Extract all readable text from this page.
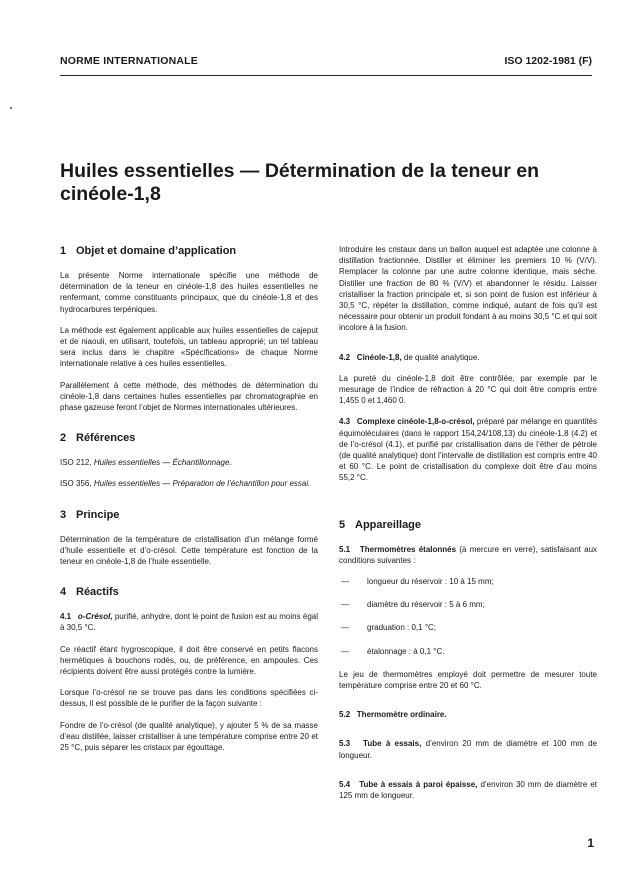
NORME INTERNATIONALE	ISO 1202-1981 (F)
Huiles essentielles — Détermination de la teneur en
cinéole-1,8
1 Objet et domaine d’application

La présente Norme internationale spécifie une méthode de détermination de la teneur en cinéole-1,8 des huiles essentielles ne renfermant, comme constituants principaux, que du cinéole-1,8 et des hydrocarbures terpéniques.

La méthode est également applicable aux huiles essentielles de cajeput et de niaouli, en utilisant, toutefois, un tableau approprié; un tel tableau sera inclus dans le chapitre «Spécifications» de chaque Norme internationale relative à ces huiles essentielles.

Parallèlement à cette méthode, des méthodes de détermination du cinéole-1,8 dans certaines huiles essentielles par chromatographie en phase gazeuse feront l’objet de Normes internationales ultérieures.

2 Références

ISO 212, Huiles essentielles — Échantillonnage.

ISO 356, Huiles essentielles — Préparation de l’échantillon pour essai.

3 Principe

Détermination de la température de cristallisation d’un mélange formé d’huile essentielle et d’o-crésol. Cette température est fonction de la teneur en cinéole-1,8 de l’huile essentielle.

4 Réactifs

4.1 o-Crésol, purifié, anhydre, dont le point de fusion est au moins égal à 30,5 °C.

Ce réactif étant hygroscopique, il doit être conservé en petits flacons hermétiques à bouchons rodés, ou, de préférence, en ampoules. Ces récipients doivent être aussi protégés contre la lumière.

Lorsque l’o-crésol ne se trouve pas dans les conditions spécifiées ci-dessus, il est possible de le purifier de la façon suivante :

Fondre de l’o-crésol (de qualité analytique), y ajouter 5 % de sa masse d’eau distillée, laisser cristalliser à une température comprise entre 20 et 25 °C, puis séparer les cristaux par égouttage.

Introduire les cristaux dans un ballon auquel est adaptée une colonne à distillation fractionnée. Distiller et éliminer les premiers 10 % (V/V). Remplacer la colonne par une autre colonne identique, mais sèche. Distiller une fraction de 80 % (V/V) et abandonner le résidu. Laisser cristalliser la fraction principale et, si son point de fusion est inférieur à 30,5 °C, répéter la distillation, comme indiqué, autant de fois qu’il est nécessaire pour obtenir un produit fondant à au moins 30,5 °C et qui soit incolore à la fusion.

4.2 Cinéole-1,8, de qualité analytique.

La pureté du cinéole-1,8 doit être contrôlée, par exemple par le mesurage de l’indice de réfraction à 20 °C qui doit être compris entre 1,455 0 et 1,460 0.

4.3 Complexe cinéole-1,8-o-crésol, préparé par mélange en quantités équimoléculaires (dans le rapport 154,24/108,13) du cinéole-1,8 (4.2) et de l’o-crésol (4.1), et purifié par cristallisation dans de l’éther de pétrole (de qualité analytique) dont l’intervalle de distillation est compris entre 40 et 60 °C. Le point de cristallisation du complexe doit être d’au moins 55,2 °C.

5 Appareillage

5.1 Thermomètres étalonnés (à mercure en verre), satisfaisant aux conditions suivantes :

— longueur du réservoir : 10 à 15 mm;
— diamètre du réservoir : 5 à 6 mm;
— graduation : 0,1 °C;
— étalonnage : à 0,1 °C.

Le jeu de thermomètres employé doit permettre de mesurer toute température comprise entre 20 et 60 °C.

5.2 Thermomètre ordinaire.

5.3 Tube à essais, d’environ 20 mm de diamètre et 100 mm de longueur.

5.4 Tube à essais à paroi épaisse, d’environ 30 mm de diamètre et 125 mm de longueur.

1
